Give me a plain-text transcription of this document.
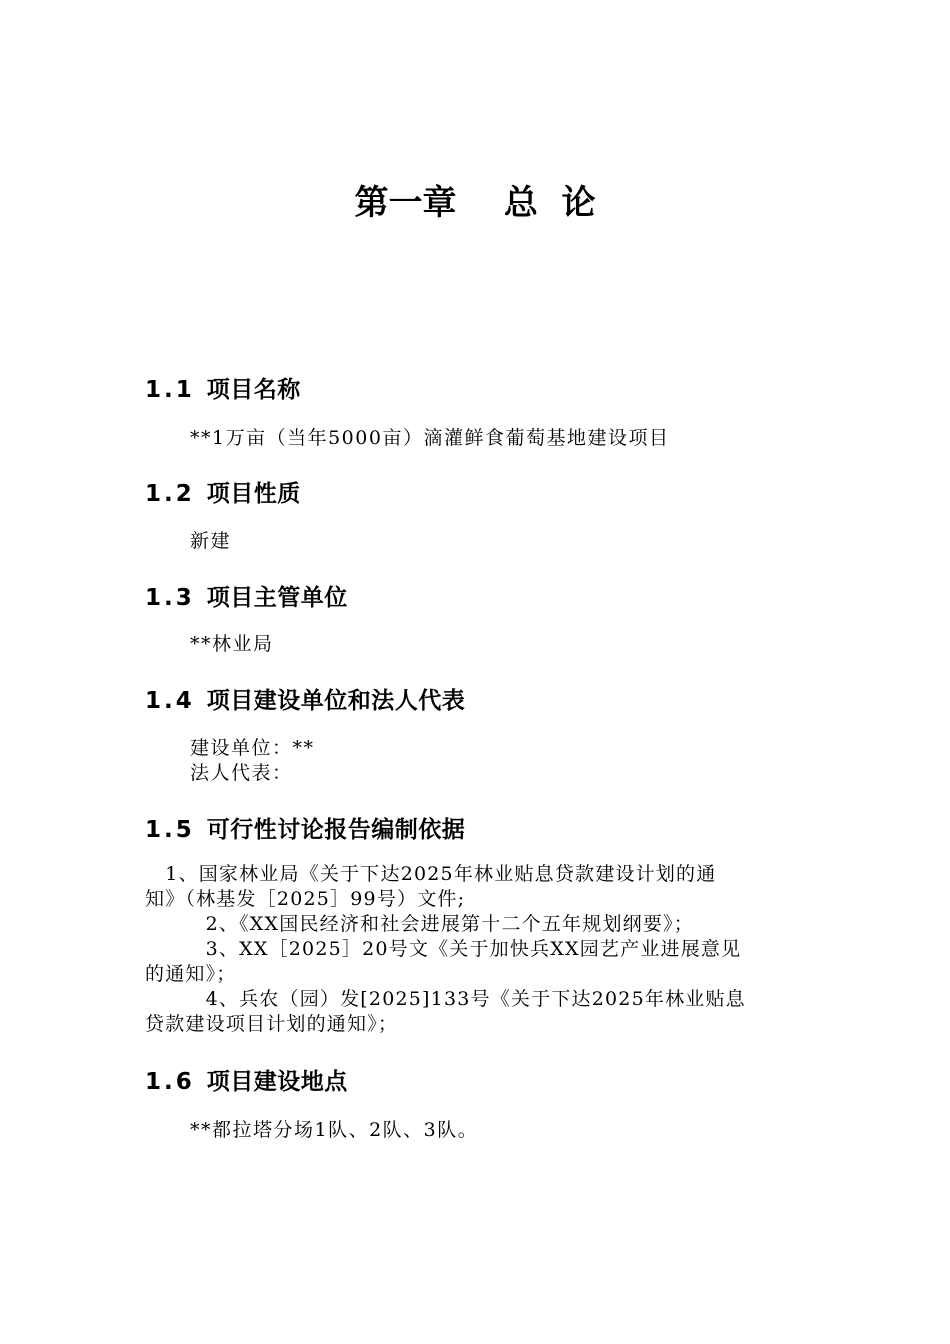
第一章    总  论
1.1 项目名称
**1万亩（当年5000亩）滴灌鲜食葡萄基地建设项目
1.2 项目性质
新建
1.3 项目主管单位
**林业局
1.4 项目建设单位和法人代表
建设单位：**
法人代表：
1.5 可行性讨论报告编制依据
　1、国家林业局《关于下达2025年林业贴息贷款建设计划的通
知》（林基发［2025］99号）文件;
　　　2、《XX国民经济和社会进展第十二个五年规划纲要》；
　　　3、XX［2025］20号文《关于加快兵XX园艺产业进展意见
的通知》；
　　　4、兵农（园）发[2025]133号《关于下达2025年林业贴息
贷款建设项目计划的通知》；
1.6 项目建设地点
**都拉塔分场1队、2队、3队。
